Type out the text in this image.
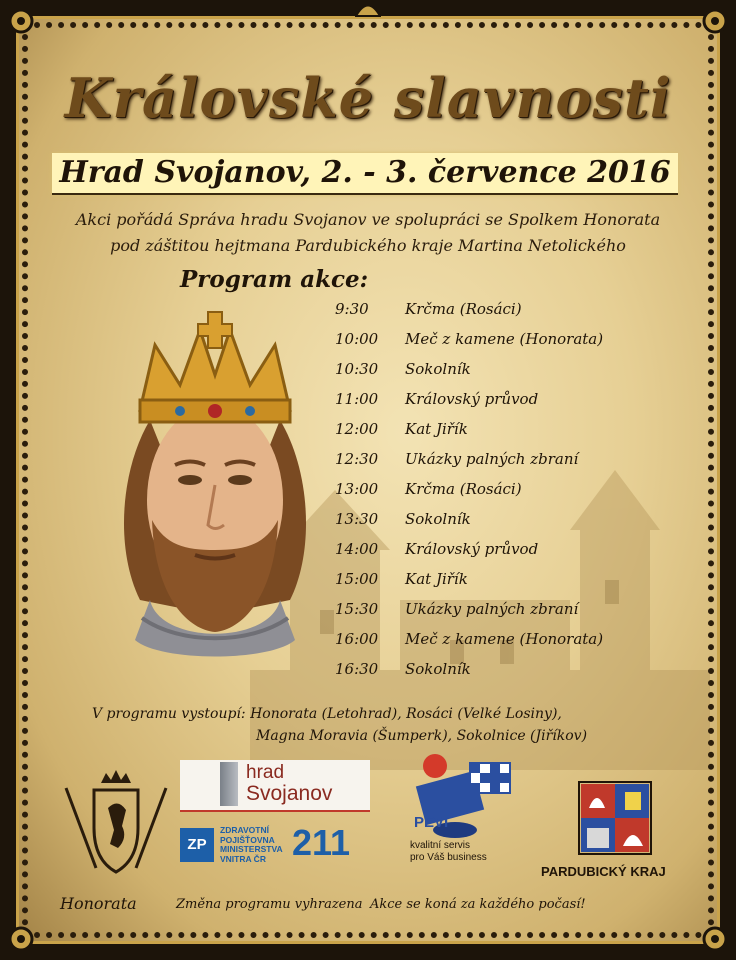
Královské slavnosti
Hrad Svojanov, 2. - 3. července 2016
Akci pořádá Správa hradu Svojanov ve spolupráci se Spolkem Honorata
pod záštitou hejtmana Pardubického kraje Martina Netolického
Program akce:
9:30	Krčma (Rosáci)
10:00	Meč z kamene (Honorata)
10:30	Sokolník
11:00	Královský průvod
12:00	Kat Jiřík
12:30	Ukázky palných zbraní
13:00	Krčma (Rosáci)
13:30	Sokolník
14:00	Královský průvod
15:00	Kat Jiřík
15:30	Ukázky palných zbraní
16:00	Meč z kamene (Honorata)
16:30	Sokolník
V programu vystoupí: Honorata (Letohrad), Rosáci (Velké Losiny),
Magna Moravia (Šumperk), Sokolnice (Jiříkov)
Honorata	Změna programu vyhrazena Akce se koná za každého počasí!
hrad
Svojanov
ZP
ZDRAVOTNÍ
POJIŠŤOVNA
MINISTERSTVA
VNITRA ČR 211	PEVI
kvalitní servis
pro Váš business
PARDUBICKÝ KRAJ
